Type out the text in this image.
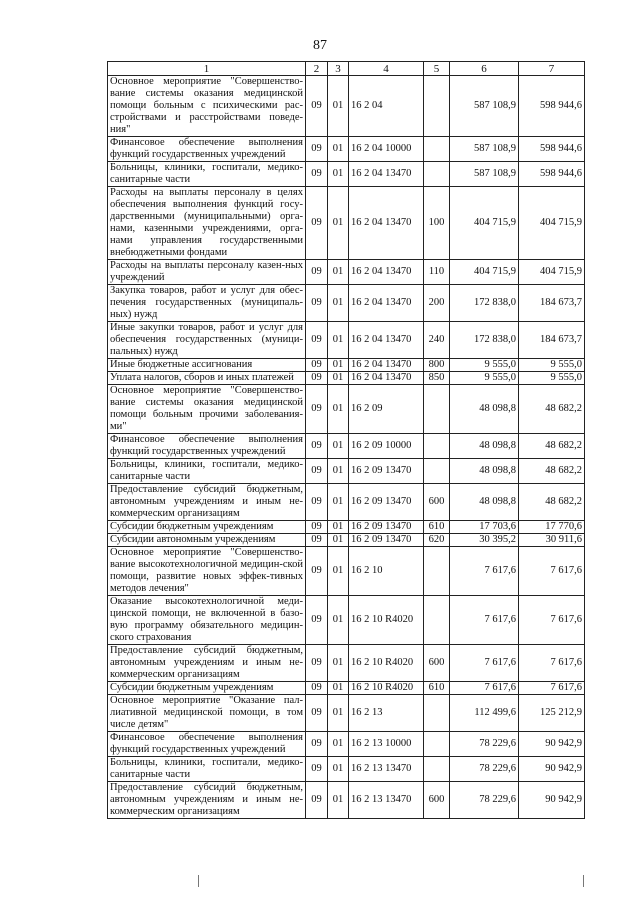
87
1	2	3	4	5	6	7
Основное мероприятие "Совершенство-вание системы оказания медицинской помощи больным с психическими рас-стройствами и расстройствами поведе-ния"	09	01	16 2 04		587 108,9	598 944,6
Финансовое обеспечение выполнения функций государственных учреждений	09	01	16 2 04 10000		587 108,9	598 944,6
Больницы, клиники, госпитали, медико-санитарные части	09	01	16 2 04 13470		587 108,9	598 944,6
Расходы на выплаты персоналу в целях обеспечения выполнения функций госу-дарственными (муниципальными) орга-нами, казенными учреждениями, орга-нами управления государственными внебюджетными фондами	09	01	16 2 04 13470	100	404 715,9	404 715,9
Расходы на выплаты персоналу казен-ных учреждений	09	01	16 2 04 13470	110	404 715,9	404 715,9
Закупка товаров, работ и услуг для обес-печения государственных (муниципаль-ных) нужд	09	01	16 2 04 13470	200	172 838,0	184 673,7
Иные закупки товаров, работ и услуг для обеспечения государственных (муници-пальных) нужд	09	01	16 2 04 13470	240	172 838,0	184 673,7
Иные бюджетные ассигнования	09	01	16 2 04 13470	800	9 555,0	9 555,0
Уплата налогов, сборов и иных платежей	09	01	16 2 04 13470	850	9 555,0	9 555,0
Основное мероприятие "Совершенство-вание системы оказания медицинской помощи больным прочими заболевания-ми"	09	01	16 2 09		48 098,8	48 682,2
Финансовое обеспечение выполнения функций государственных учреждений	09	01	16 2 09 10000		48 098,8	48 682,2
Больницы, клиники, госпитали, медико-санитарные части	09	01	16 2 09 13470		48 098,8	48 682,2
Предоставление субсидий бюджетным, автономным учреждениям и иным не-коммерческим организациям	09	01	16 2 09 13470	600	48 098,8	48 682,2
Субсидии бюджетным учреждениям	09	01	16 2 09 13470	610	17 703,6	17 770,6
Субсидии автономным учреждениям	09	01	16 2 09 13470	620	30 395,2	30 911,6
Основное мероприятие "Совершенство-вание высокотехнологичной медицин-ской помощи, развитие новых эффек-тивных методов лечения"	09	01	16 2 10		7 617,6	7 617,6
Оказание высокотехнологичной меди-цинской помощи, не включенной в базо-вую программу обязательного медицин-ского страхования	09	01	16 2 10 R4020		7 617,6	7 617,6
Предоставление субсидий бюджетным, автономным учреждениям и иным не-коммерческим организациям	09	01	16 2 10 R4020	600	7 617,6	7 617,6
Субсидии бюджетным учреждениям	09	01	16 2 10 R4020	610	7 617,6	7 617,6
Основное мероприятие "Оказание пал-лиативной медицинской помощи, в том числе детям"	09	01	16 2 13		112 499,6	125 212,9
Финансовое обеспечение выполнения функций государственных учреждений	09	01	16 2 13 10000		78 229,6	90 942,9
Больницы, клиники, госпитали, медико-санитарные части	09	01	16 2 13 13470		78 229,6	90 942,9
Предоставление субсидий бюджетным, автономным учреждениям и иным не-коммерческим организациям	09	01	16 2 13 13470	600	78 229,6	90 942,9
